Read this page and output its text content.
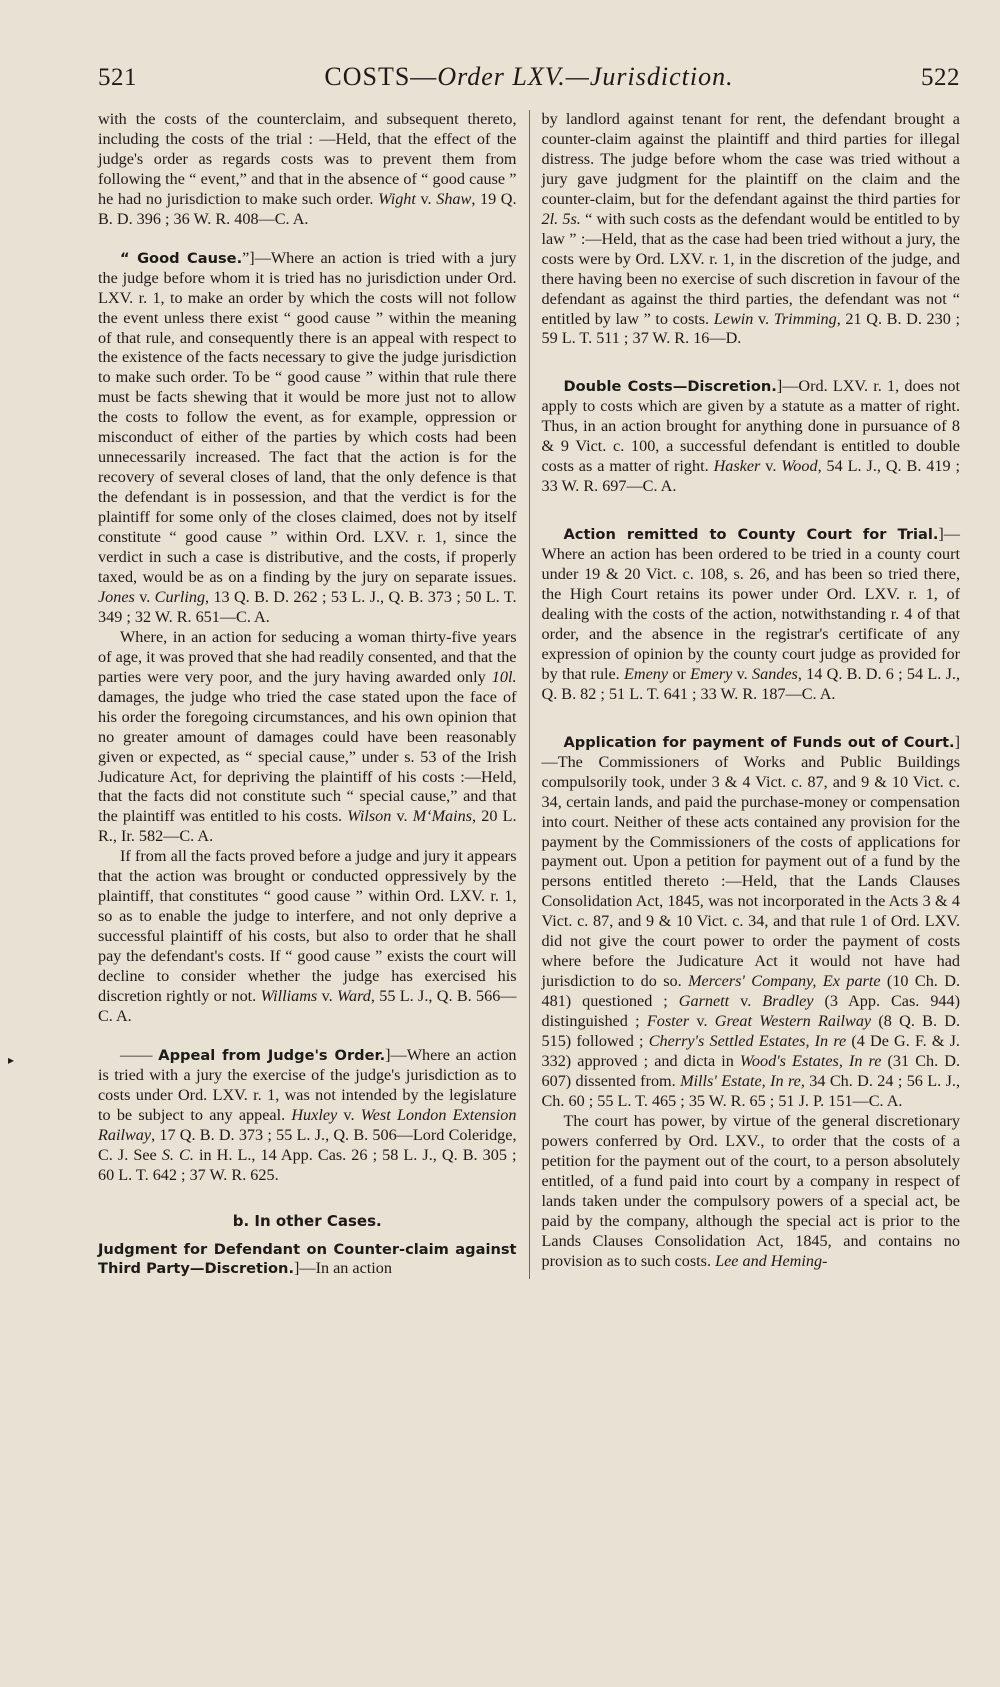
▸
521	COSTS—Order LXV.—Jurisdiction.	522

with the costs of the counterclaim, and subsequent thereto, including the costs of the trial : —Held, that the effect of the judge's order as regards costs was to prevent them from following the “ event,” and that in the absence of “ good cause ” he had no jurisdiction to make such order. Wight v. Shaw, 19 Q. B. D. 396 ; 36 W. R. 408—C. A.

“ Good Cause.”]—Where an action is tried with a jury the judge before whom it is tried has no jurisdiction under Ord. LXV. r. 1, to make an order by which the costs will not follow the event unless there exist “ good cause ” within the meaning of that rule, and consequently there is an appeal with respect to the existence of the facts necessary to give the judge jurisdiction to make such order. To be “ good cause ” within that rule there must be facts shewing that it would be more just not to allow the costs to follow the event, as for example, oppression or misconduct of either of the parties by which costs had been unnecessarily increased. The fact that the action is for the recovery of several closes of land, that the only defence is that the defendant is in possession, and that the verdict is for the plaintiff for some only of the closes claimed, does not by itself constitute “ good cause ” within Ord. LXV. r. 1, since the verdict in such a case is distributive, and the costs, if properly taxed, would be as on a finding by the jury on separate issues. Jones v. Curling, 13 Q. B. D. 262 ; 53 L. J., Q. B. 373 ; 50 L. T. 349 ; 32 W. R. 651—C. A.

Where, in an action for seducing a woman thirty-five years of age, it was proved that she had readily consented, and that the parties were very poor, and the jury having awarded only 10l. damages, the judge who tried the case stated upon the face of his order the foregoing circumstances, and his own opinion that no greater amount of damages could have been reasonably given or expected, as “ special cause,” under s. 53 of the Irish Judicature Act, for depriving the plaintiff of his costs :—Held, that the facts did not constitute such “ special cause,” and that the plaintiff was entitled to his costs. Wilson v. M‘Mains, 20 L. R., Ir. 582—C. A.

If from all the facts proved before a judge and jury it appears that the action was brought or conducted oppressively by the plaintiff, that constitutes “ good cause ” within Ord. LXV. r. 1, so as to enable the judge to interfere, and not only deprive a successful plaintiff of his costs, but also to order that he shall pay the defendant's costs. If “ good cause ” exists the court will decline to consider whether the judge has exercised his discretion rightly or not. Williams v. Ward, 55 L. J., Q. B. 566—C. A.

—— Appeal from Judge's Order.]—Where an action is tried with a jury the exercise of the judge's jurisdiction as to costs under Ord. LXV. r. 1, was not intended by the legislature to be subject to any appeal. Huxley v. West London Extension Railway, 17 Q. B. D. 373 ; 55 L. J., Q. B. 506—Lord Coleridge, C. J. See S. C. in H. L., 14 App. Cas. 26 ; 58 L. J., Q. B. 305 ; 60 L. T. 642 ; 37 W. R. 625.

b. In other Cases.

Judgment for Defendant on Counter-claim against Third Party—Discretion.]—In an action

by landlord against tenant for rent, the defendant brought a counter-claim against the plaintiff and third parties for illegal distress. The judge before whom the case was tried without a jury gave judgment for the plaintiff on the claim and the counter-claim, but for the defendant against the third parties for 2l. 5s. “ with such costs as the defendant would be entitled to by law ” :—Held, that as the case had been tried without a jury, the costs were by Ord. LXV. r. 1, in the discretion of the judge, and there having been no exercise of such discretion in favour of the defendant as against the third parties, the defendant was not “ entitled by law ” to costs. Lewin v. Trimming, 21 Q. B. D. 230 ; 59 L. T. 511 ; 37 W. R. 16—D.

Double Costs—Discretion.]—Ord. LXV. r. 1, does not apply to costs which are given by a statute as a matter of right. Thus, in an action brought for anything done in pursuance of 8 & 9 Vict. c. 100, a successful defendant is entitled to double costs as a matter of right. Hasker v. Wood, 54 L. J., Q. B. 419 ; 33 W. R. 697—C. A.

Action remitted to County Court for Trial.]—Where an action has been ordered to be tried in a county court under 19 & 20 Vict. c. 108, s. 26, and has been so tried there, the High Court retains its power under Ord. LXV. r. 1, of dealing with the costs of the action, notwithstanding r. 4 of that order, and the absence in the registrar's certificate of any expression of opinion by the county court judge as provided for by that rule. Emeny or Emery v. Sandes, 14 Q. B. D. 6 ; 54 L. J., Q. B. 82 ; 51 L. T. 641 ; 33 W. R. 187—C. A.

Application for payment of Funds out of Court.]—The Commissioners of Works and Public Buildings compulsorily took, under 3 & 4 Vict. c. 87, and 9 & 10 Vict. c. 34, certain lands, and paid the purchase-money or compensation into court. Neither of these acts contained any provision for the payment by the Commissioners of the costs of applications for payment out. Upon a petition for payment out of a fund by the persons entitled thereto :—Held, that the Lands Clauses Consolidation Act, 1845, was not incorporated in the Acts 3 & 4 Vict. c. 87, and 9 & 10 Vict. c. 34, and that rule 1 of Ord. LXV. did not give the court power to order the payment of costs where before the Judicature Act it would not have had jurisdiction to do so. Mercers' Company, Ex parte (10 Ch. D. 481) questioned ; Garnett v. Bradley (3 App. Cas. 944) distinguished ; Foster v. Great Western Railway (8 Q. B. D. 515) followed ; Cherry's Settled Estates, In re (4 De G. F. & J. 332) approved ; and dicta in Wood's Estates, In re (31 Ch. D. 607) dissented from. Mills' Estate, In re, 34 Ch. D. 24 ; 56 L. J., Ch. 60 ; 55 L. T. 465 ; 35 W. R. 65 ; 51 J. P. 151—C. A.

The court has power, by virtue of the general discretionary powers conferred by Ord. LXV., to order that the costs of a petition for the payment out of the court, to a person absolutely entitled, of a fund paid into court by a company in respect of lands taken under the compulsory powers of a special act, be paid by the company, although the special act is prior to the Lands Clauses Consolidation Act, 1845, and contains no provision as to such costs. Lee and Heming-
